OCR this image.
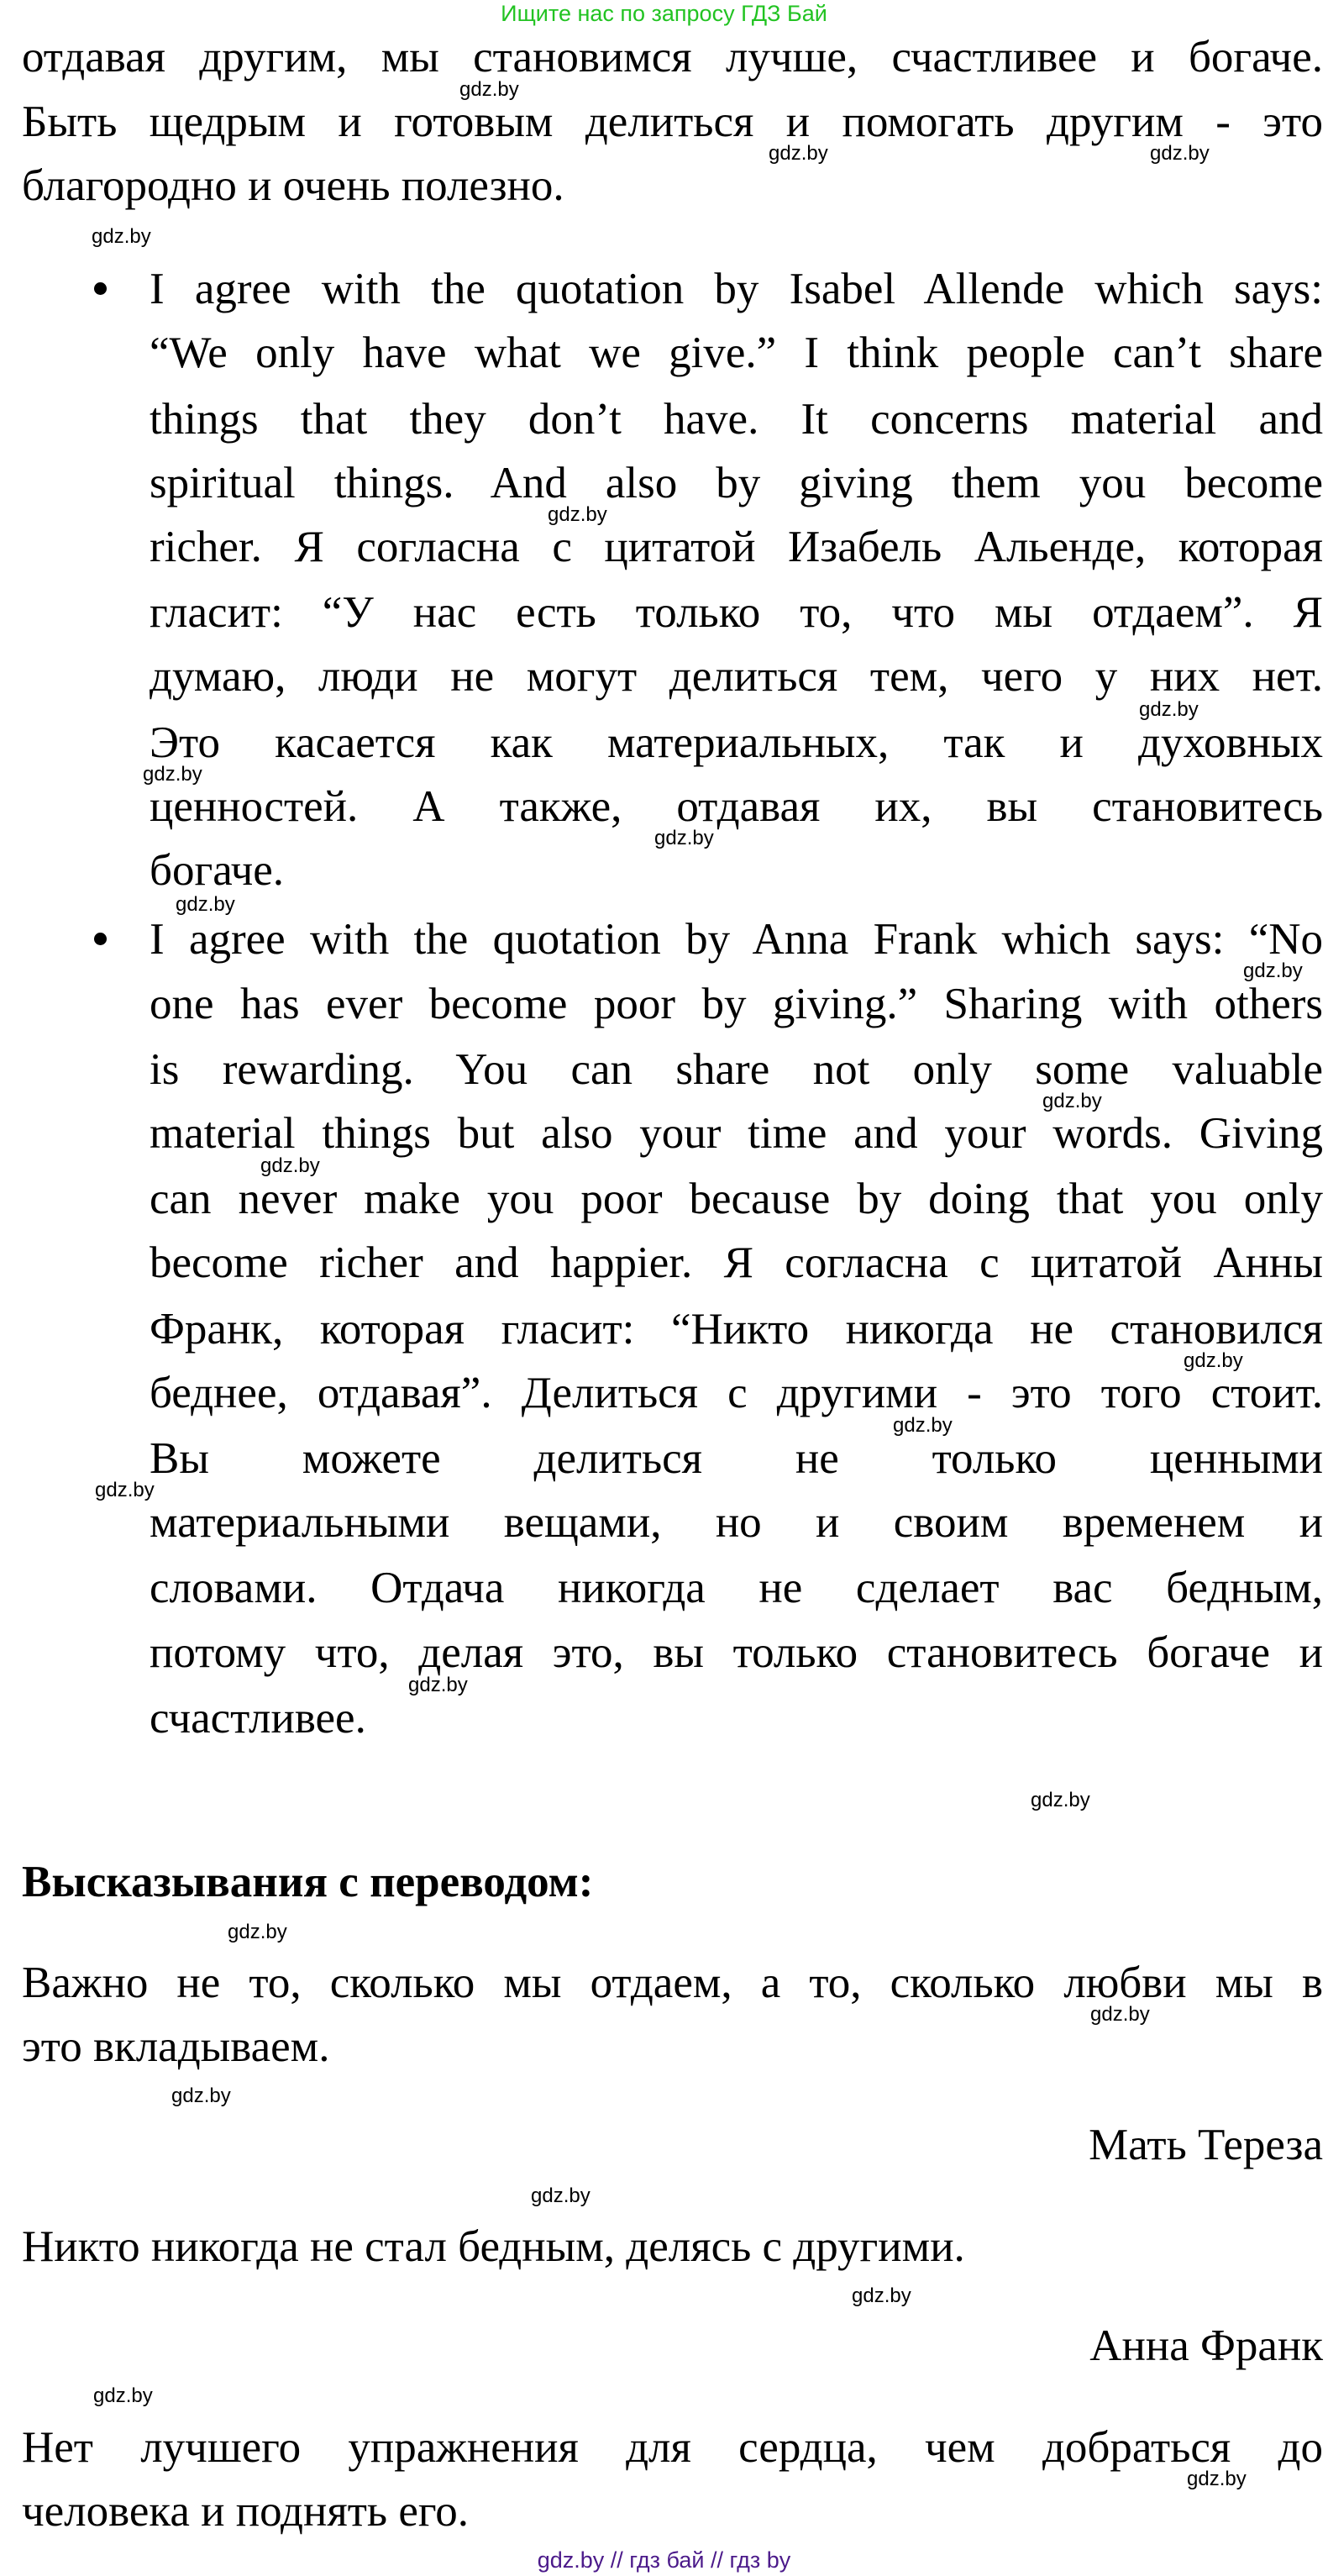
Ищите нас по запросу ГДЗ Бай
отдавая другим, мы становимся лучше, счастливее и богаче.
Быть щедрым и готовым делиться и помогать другим - это
благородно и очень полезно.
I agree with the quotation by Isabel Allende which says:
“We only have what we give.” I think people can’t share
things that they don’t have. It concerns material and
spiritual things. And also by giving them you become
richer. Я согласна с цитатой Изабель Альенде, которая
гласит: “У нас есть только то, что мы отдаем”. Я
думаю, люди не могут делиться тем, чего у них нет.
Это касается как материальных, так и духовных
ценностей. А также, отдавая их, вы становитесь
богаче.
I agree with the quotation by Anna Frank which says: “No
one has ever become poor by giving.” Sharing with others
is rewarding. You can share not only some valuable
material things but also your time and your words. Giving
can never make you poor because by doing that you only
become richer and happier. Я согласна с цитатой Анны
Франк, которая гласит: “Никто никогда не становился
беднее, отдавая”. Делиться с другими - это того стоит.
Вы можете делиться не только ценными
материальными вещами, но и своим временем и
словами. Отдача никогда не сделает вас бедным,
потому что, делая это, вы только становитесь богаче и
счастливее.
Высказывания с переводом:
Важно не то, сколько мы отдаем, а то, сколько любви мы в
это вкладываем.
Мать Тереза
Никто никогда не стал бедным, делясь с другими.
Анна Франк
Нет лучшего упражнения для сердца, чем добраться до
человека и поднять его.
gdz.by
gdz.by
gdz.by
gdz.by
gdz.by
gdz.by
gdz.by
gdz.by
gdz.by
gdz.by
gdz.by
gdz.by
gdz.by
gdz.by
gdz.by
gdz.by
gdz.by
gdz.by
gdz.by
gdz.by
gdz.by
gdz.by
gdz.by
gdz.by
gdz.by // гдз бай // гдз by
